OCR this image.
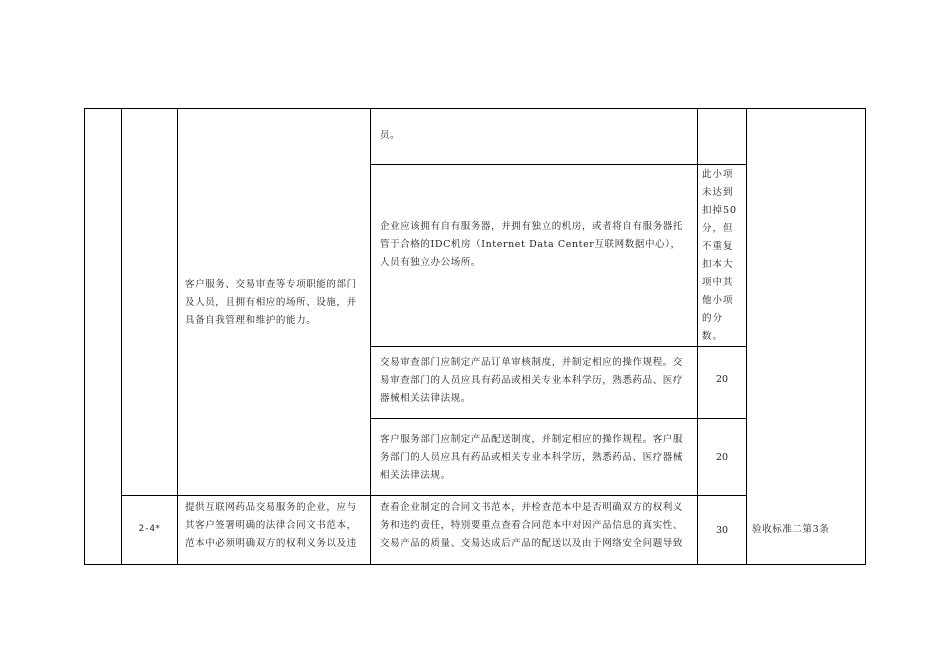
员。
企业应该拥有自有服务器，并拥有独立的机房，或者将自有服务器托管于合格的IDC机房（Internet Data Center互联网数据中心），人员有独立办公场所。
此小项未达到扣掉50分，但不重复扣本大项中其他小项的分数。
客户服务、交易审查等专项职能的部门及人员，且拥有相应的场所、设施，并具备自我管理和维护的能力。
交易审查部门应制定产品订单审核制度，并制定相应的操作规程。交易审查部门的人员应具有药品或相关专业本科学历，熟悉药品、医疗器械相关法律法规。
20
客户服务部门应制定产品配送制度，并制定相应的操作规程。客户服务部门的人员应具有药品或相关专业本科学历，熟悉药品、医疗器械相关法律法规。
20
2-4*
提供互联网药品交易服务的企业，应与其客户签署明确的法律合同文书范本，范本中必须明确双方的权利义务以及违
查看企业制定的合同文书范本，并检查范本中是否明确双方的权利义务和违约责任，特别要重点查看合同范本中对因产品信息的真实性、交易产品的质量、交易达成后产品的配送以及由于网络安全问题导致
30	验收标准二第3条
